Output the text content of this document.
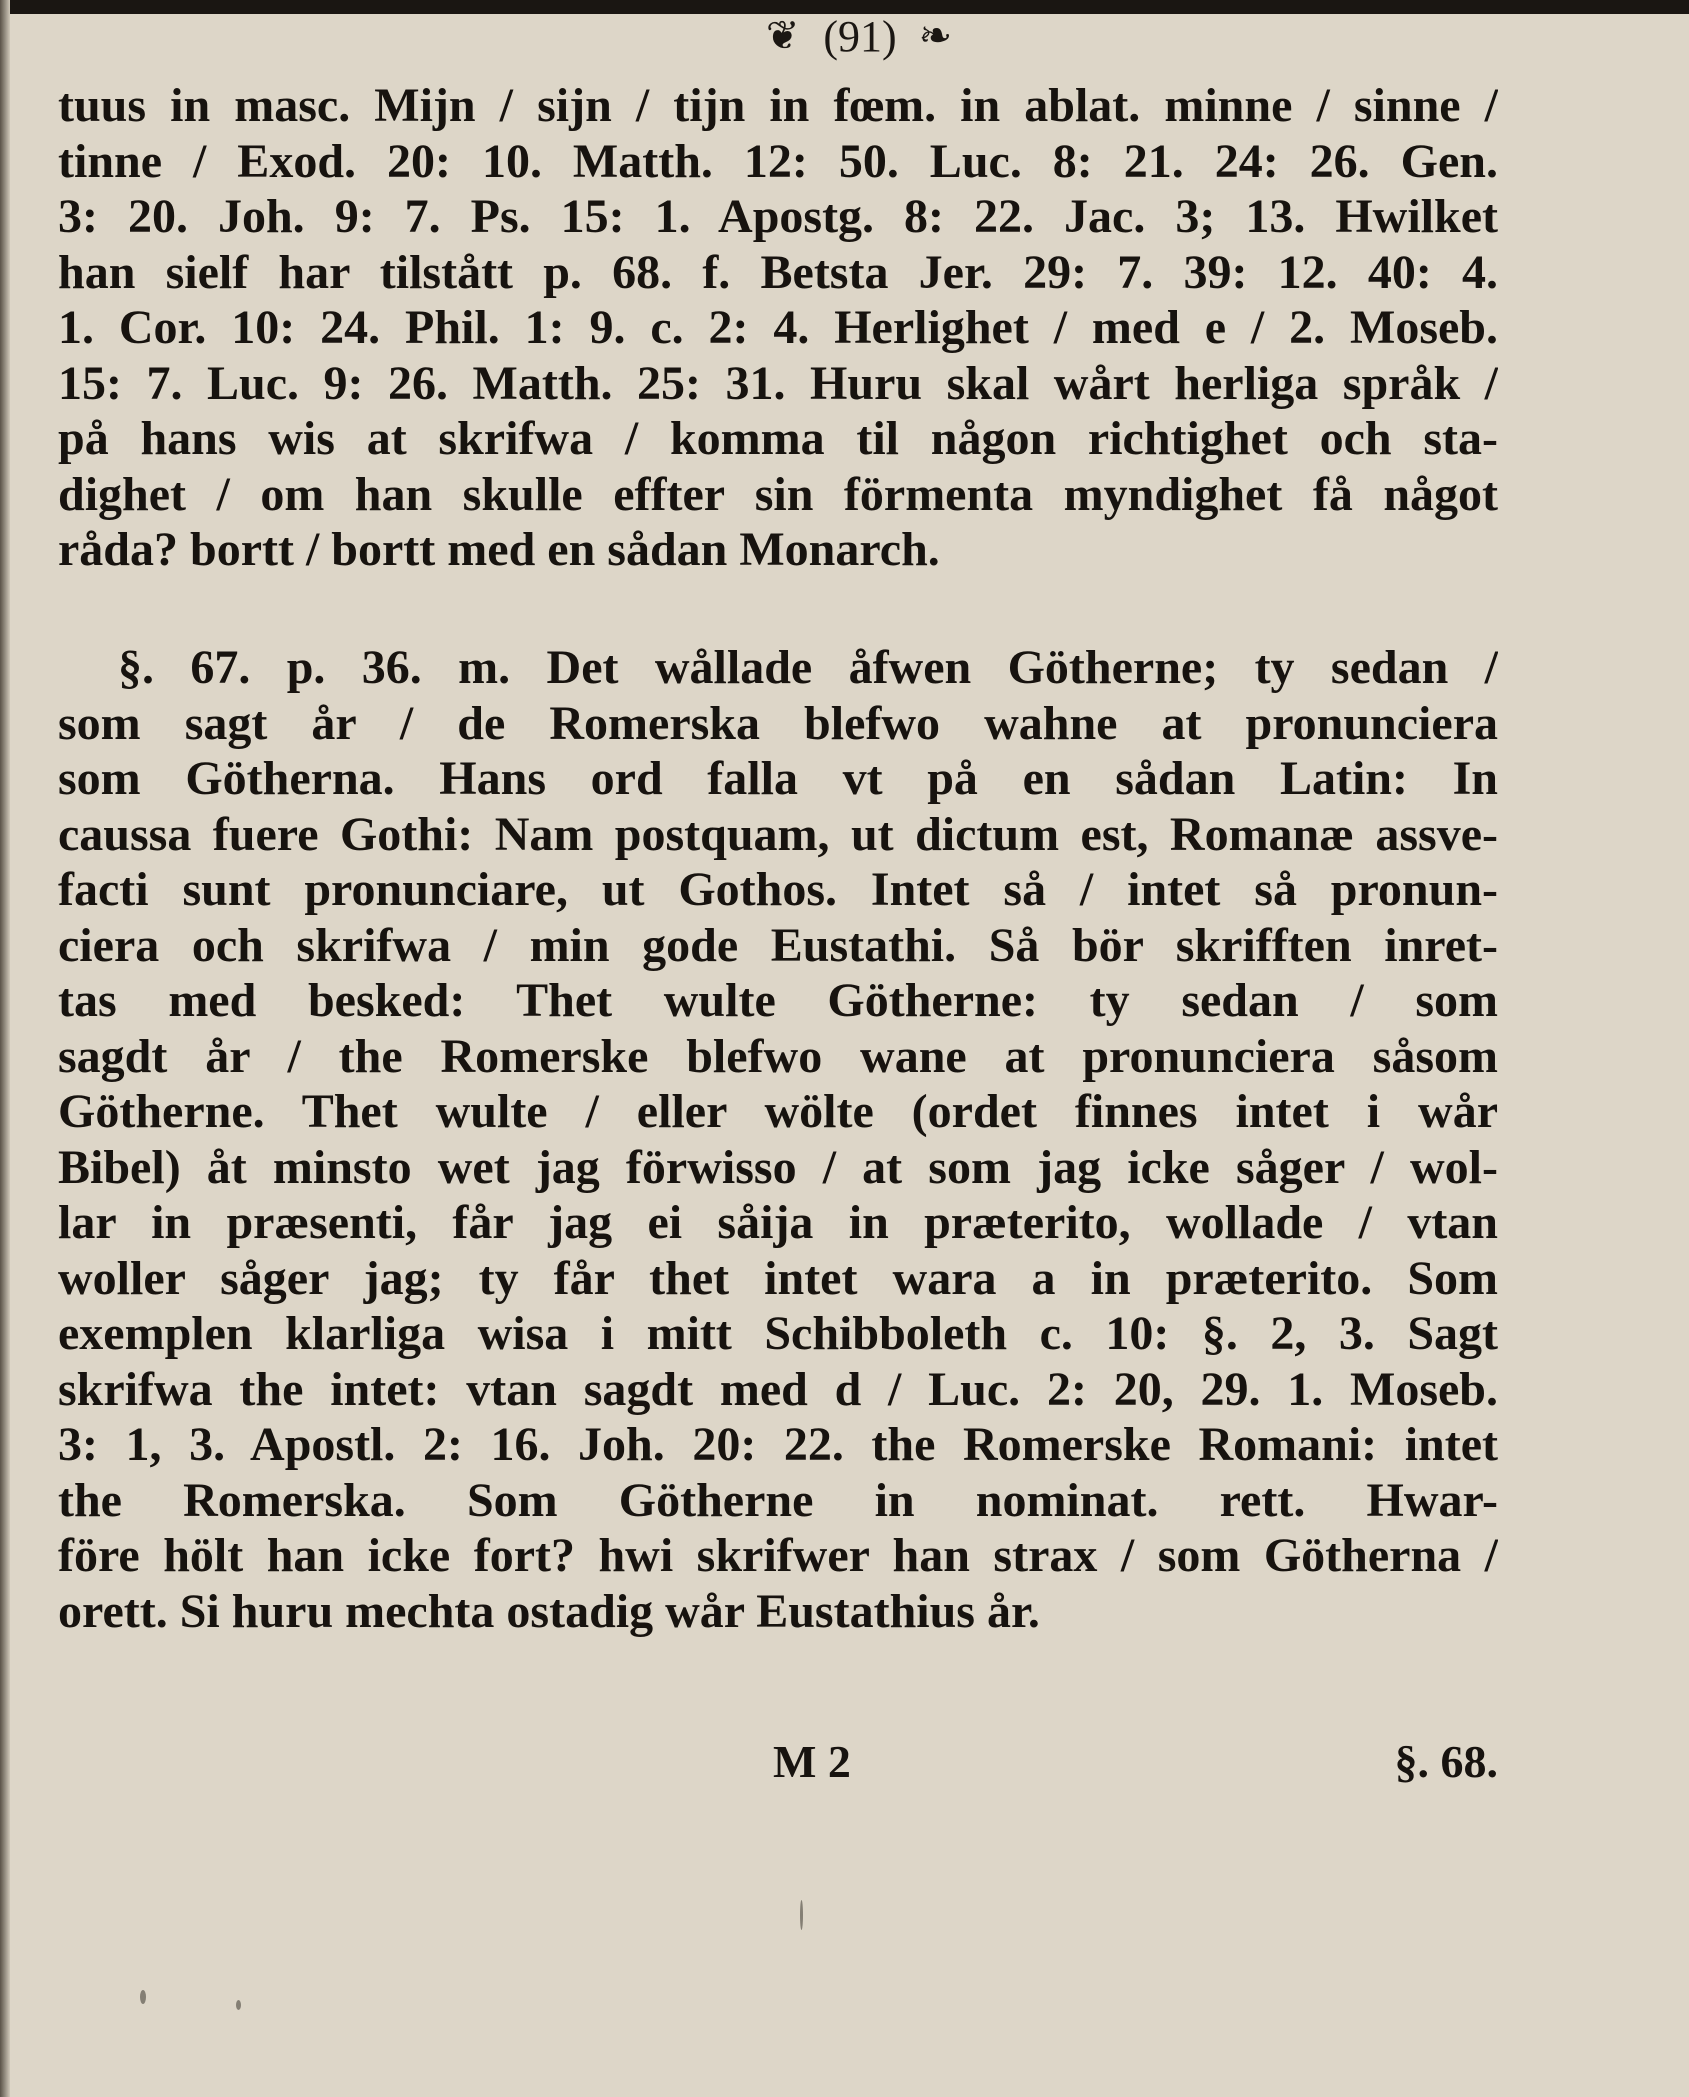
❦ (91) ❧
tuus in masc. Mijn / sijn / tijn in fœm. in ablat. minne / sinne /
tinne / Exod. 20: 10. Matth. 12: 50. Luc. 8: 21. 24: 26. Gen.
3: 20. Joh. 9: 7. Ps. 15: 1. Apostg. 8: 22. Jac. 3; 13. Hwilket
han sielf har tilstått p. 68. f. Betsta Jer. 29: 7. 39: 12. 40: 4.
1. Cor. 10: 24. Phil. 1: 9. c. 2: 4. Herlighet / med e / 2. Moseb.
15: 7. Luc. 9: 26. Matth. 25: 31. Huru skal wårt herliga språk /
på hans wis at skrifwa / komma til någon richtighet och sta-
dighet / om han skulle effter sin förmenta myndighet få något
råda? bortt / bortt med en sådan Monarch.
§. 67. p. 36. m. Det wållade åfwen Götherne; ty sedan /
som sagt år / de Romerska blefwo wahne at pronunciera
som Götherna. Hans ord falla vt på en sådan Latin: In
caussa fuere Gothi: Nam postquam, ut dictum est, Romanæ assve-
facti sunt pronunciare, ut Gothos. Intet så / intet så pronun-
ciera och skrifwa / min gode Eustathi. Så bör skrifften inret-
tas med besked: Thet wulte Götherne: ty sedan / som
sagdt år / the Romerske blefwo wane at pronunciera såsom
Götherne. Thet wulte / eller wölte (ordet finnes intet i wår
Bibel) åt minsto wet jag förwisso / at som jag icke såger / wol-
lar in præsenti, får jag ei såija in præterito, wollade / vtan
woller såger jag; ty får thet intet wara a in præterito. Som
exemplen klarliga wisa i mitt Schibboleth c. 10: §. 2, 3. Sagt
skrifwa the intet: vtan sagdt med d / Luc. 2: 20, 29. 1. Moseb.
3: 1, 3. Apostl. 2: 16. Joh. 20: 22. the Romerske Romani: intet
the Romerska. Som Götherne in nominat. rett. Hwar-
före hölt han icke fort? hwi skrifwer han strax / som Götherna /
orett. Si huru mechta ostadig wår Eustathius år.
M 2	§. 68.
